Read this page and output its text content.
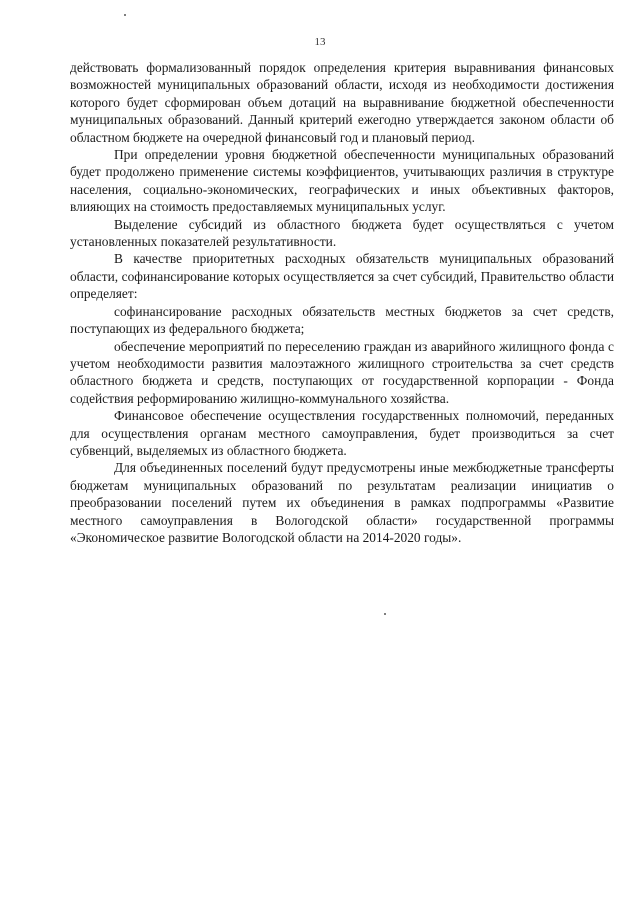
13

действовать формализованный порядок определения критерия выравнивания финансовых возможностей муниципальных образований области, исходя из необходимости достижения которого будет сформирован объем дотаций на выравнивание бюджетной обеспеченности муниципальных образований. Данный критерий ежегодно утверждается законом области об областном бюджете на очередной финансовый год и плановый период.

При определении уровня бюджетной обеспеченности муниципальных образований будет продолжено применение системы коэффициентов, учитывающих различия в структуре населения, социально-экономических, географических и иных объективных факторов, влияющих на стоимость предоставляемых муниципальных услуг.

Выделение субсидий из областного бюджета будет осуществляться с учетом установленных показателей результативности.

В качестве приоритетных расходных обязательств муниципальных образований области, софинансирование которых осуществляется за счет субсидий, Правительство области определяет:

софинансирование расходных обязательств местных бюджетов за счет средств, поступающих из федерального бюджета;

обеспечение мероприятий по переселению граждан из аварийного жилищного фонда с учетом необходимости развития малоэтажного жилищного строительства за счет средств областного бюджета и средств, поступающих от государственной корпорации - Фонда содействия реформированию жилищно-коммунального хозяйства.

Финансовое обеспечение осуществления государственных полномочий, переданных для осуществления органам местного самоуправления, будет производиться за счет субвенций, выделяемых из областного бюджета.

Для объединенных поселений будут предусмотрены иные межбюджетные трансферты бюджетам муниципальных образований по результатам реализации инициатив о преобразовании поселений путем их объединения в рамках подпрограммы «Развитие местного самоуправления в Вологодской области» государственной программы «Экономическое развитие Вологодской области на 2014-2020 годы».
